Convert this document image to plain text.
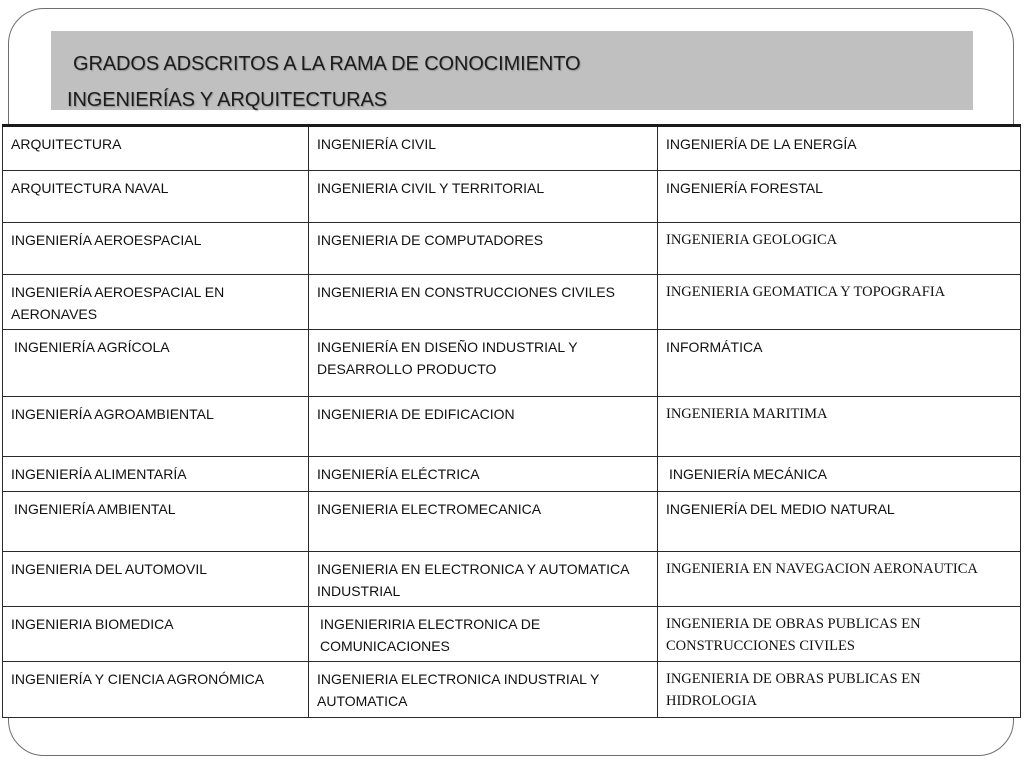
GRADOS ADSCRITOS A LA RAMA DE CONOCIMIENTO
INGENIERÍAS Y ARQUITECTURAS
ARQUITECTURA	INGENIERÍA CIVIL	INGENIERÍA DE LA ENERGÍA
ARQUITECTURA NAVAL	INGENIERIA CIVIL Y TERRITORIAL	INGENIERÍA FORESTAL
INGENIERÍA AEROESPACIAL	INGENIERIA DE COMPUTADORES	INGENIERIA GEOLOGICA
INGENIERÍA AEROESPACIAL EN AERONAVES	INGENIERIA EN CONSTRUCCIONES CIVILES	INGENIERIA GEOMATICA Y TOPOGRAFIA
INGENIERÍA AGRÍCOLA	INGENIERÍA EN DISEÑO INDUSTRIAL Y DESARROLLO PRODUCTO	INFORMÁTICA
INGENIERÍA AGROAMBIENTAL	INGENIERIA DE EDIFICACION	INGENIERIA MARITIMA
INGENIERÍA ALIMENTARÍA	INGENIERÍA ELÉCTRICA	INGENIERÍA MECÁNICA
INGENIERÍA AMBIENTAL	INGENIERIA ELECTROMECANICA	INGENIERÍA DEL MEDIO NATURAL
INGENIERIA DEL AUTOMOVIL	INGENIERIA EN ELECTRONICA Y AUTOMATICA INDUSTRIAL	INGENIERIA EN NAVEGACION AERONAUTICA
INGENIERIA BIOMEDICA	INGENIERIRIA ELECTRONICA DE COMUNICACIONES	INGENIERIA DE OBRAS PUBLICAS EN CONSTRUCCIONES CIVILES
INGENIERÍA Y CIENCIA AGRONÓMICA	INGENIERIA ELECTRONICA INDUSTRIAL Y AUTOMATICA	INGENIERIA DE OBRAS PUBLICAS EN HIDROLOGIA
